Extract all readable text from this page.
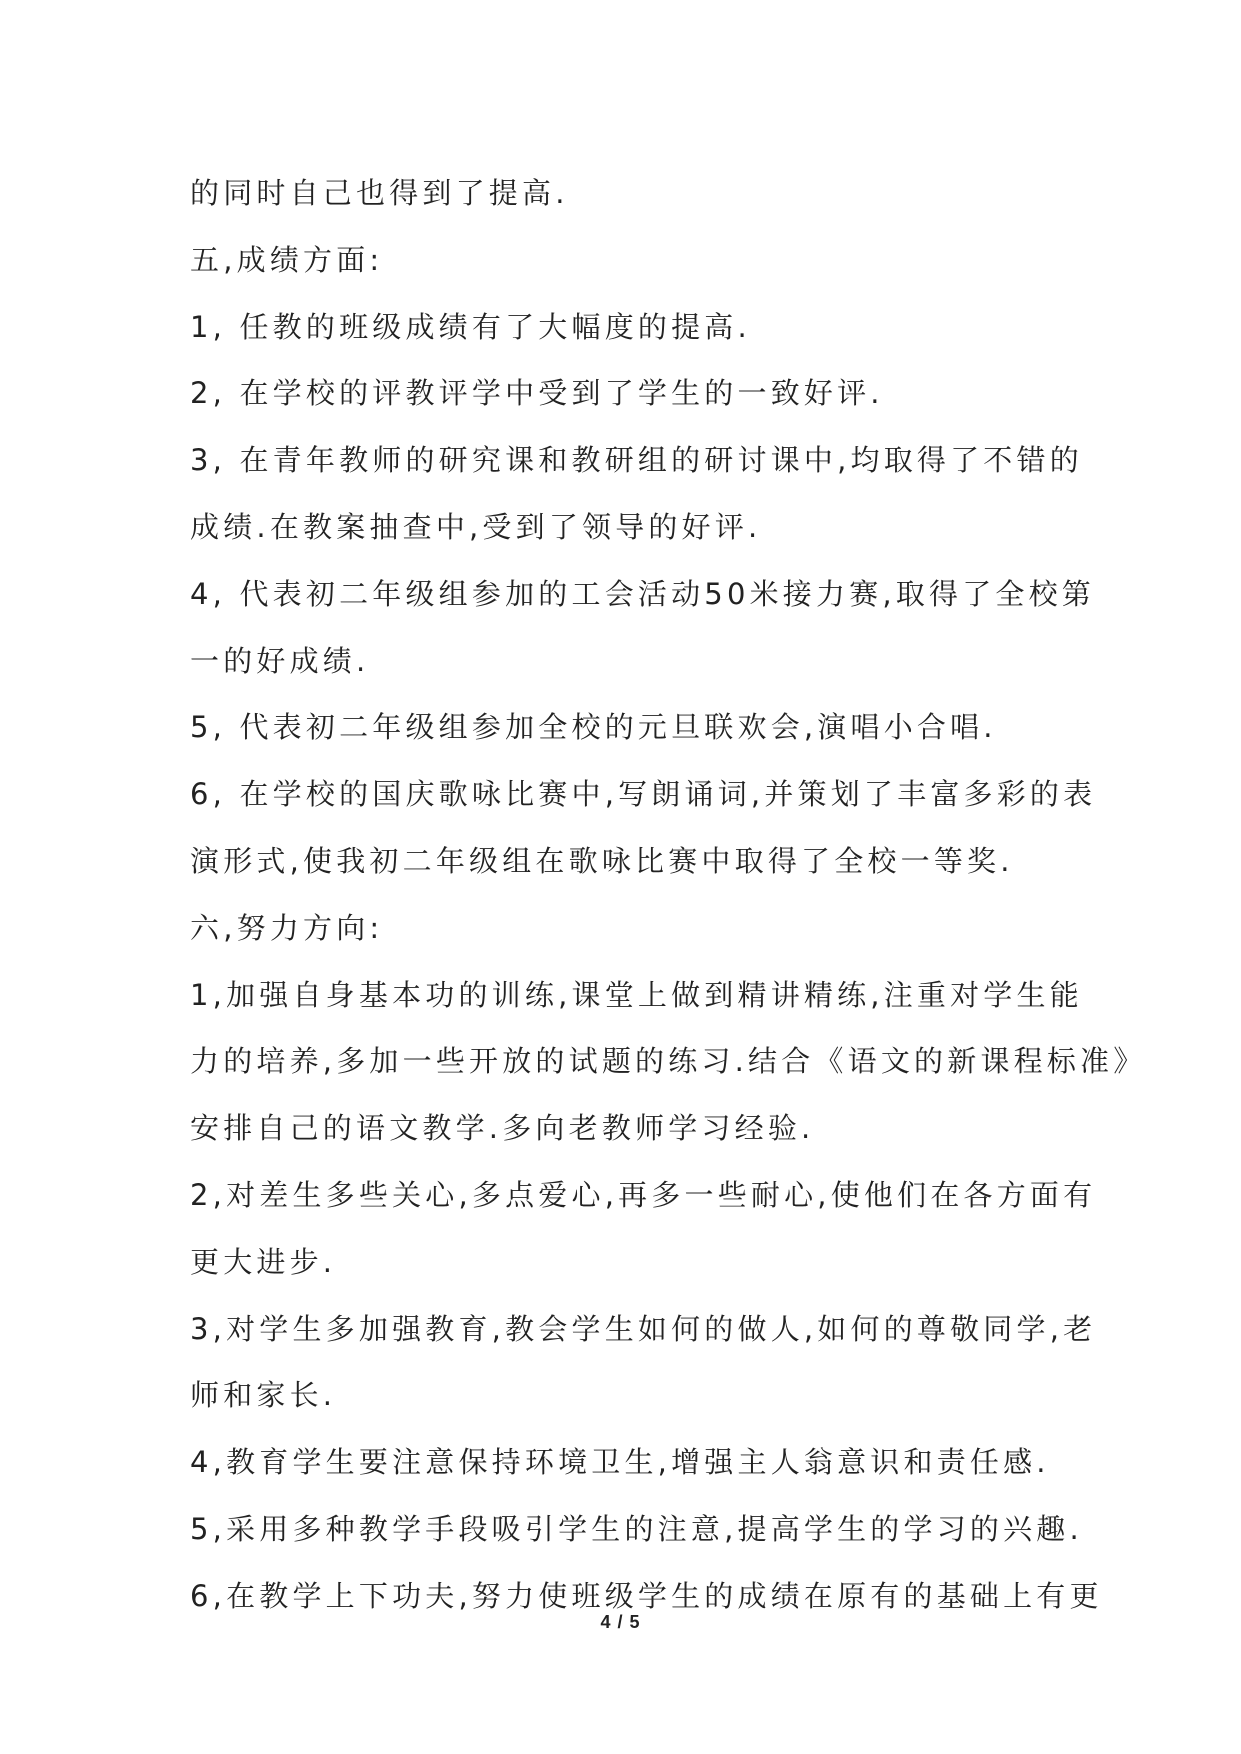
的同时自己也得到了提高.
五,成绩方面:
1, 任教的班级成绩有了大幅度的提高.
2, 在学校的评教评学中受到了学生的一致好评.
3, 在青年教师的研究课和教研组的研讨课中,均取得了不错的
成绩.在教案抽查中,受到了领导的好评.
4, 代表初二年级组参加的工会活动50米接力赛,取得了全校第
一的好成绩.
5, 代表初二年级组参加全校的元旦联欢会,演唱小合唱.
6, 在学校的国庆歌咏比赛中,写朗诵词,并策划了丰富多彩的表
演形式,使我初二年级组在歌咏比赛中取得了全校一等奖.
六,努力方向:
1,加强自身基本功的训练,课堂上做到精讲精练,注重对学生能
力的培养,多加一些开放的试题的练习.结合《语文的新课程标准》
安排自己的语文教学.多向老教师学习经验.
2,对差生多些关心,多点爱心,再多一些耐心,使他们在各方面有
更大进步.
3,对学生多加强教育,教会学生如何的做人,如何的尊敬同学,老
师和家长.
4,教育学生要注意保持环境卫生,增强主人翁意识和责任感.
5,采用多种教学手段吸引学生的注意,提高学生的学习的兴趣.
6,在教学上下功夫,努力使班级学生的成绩在原有的基础上有更
4 / 5
